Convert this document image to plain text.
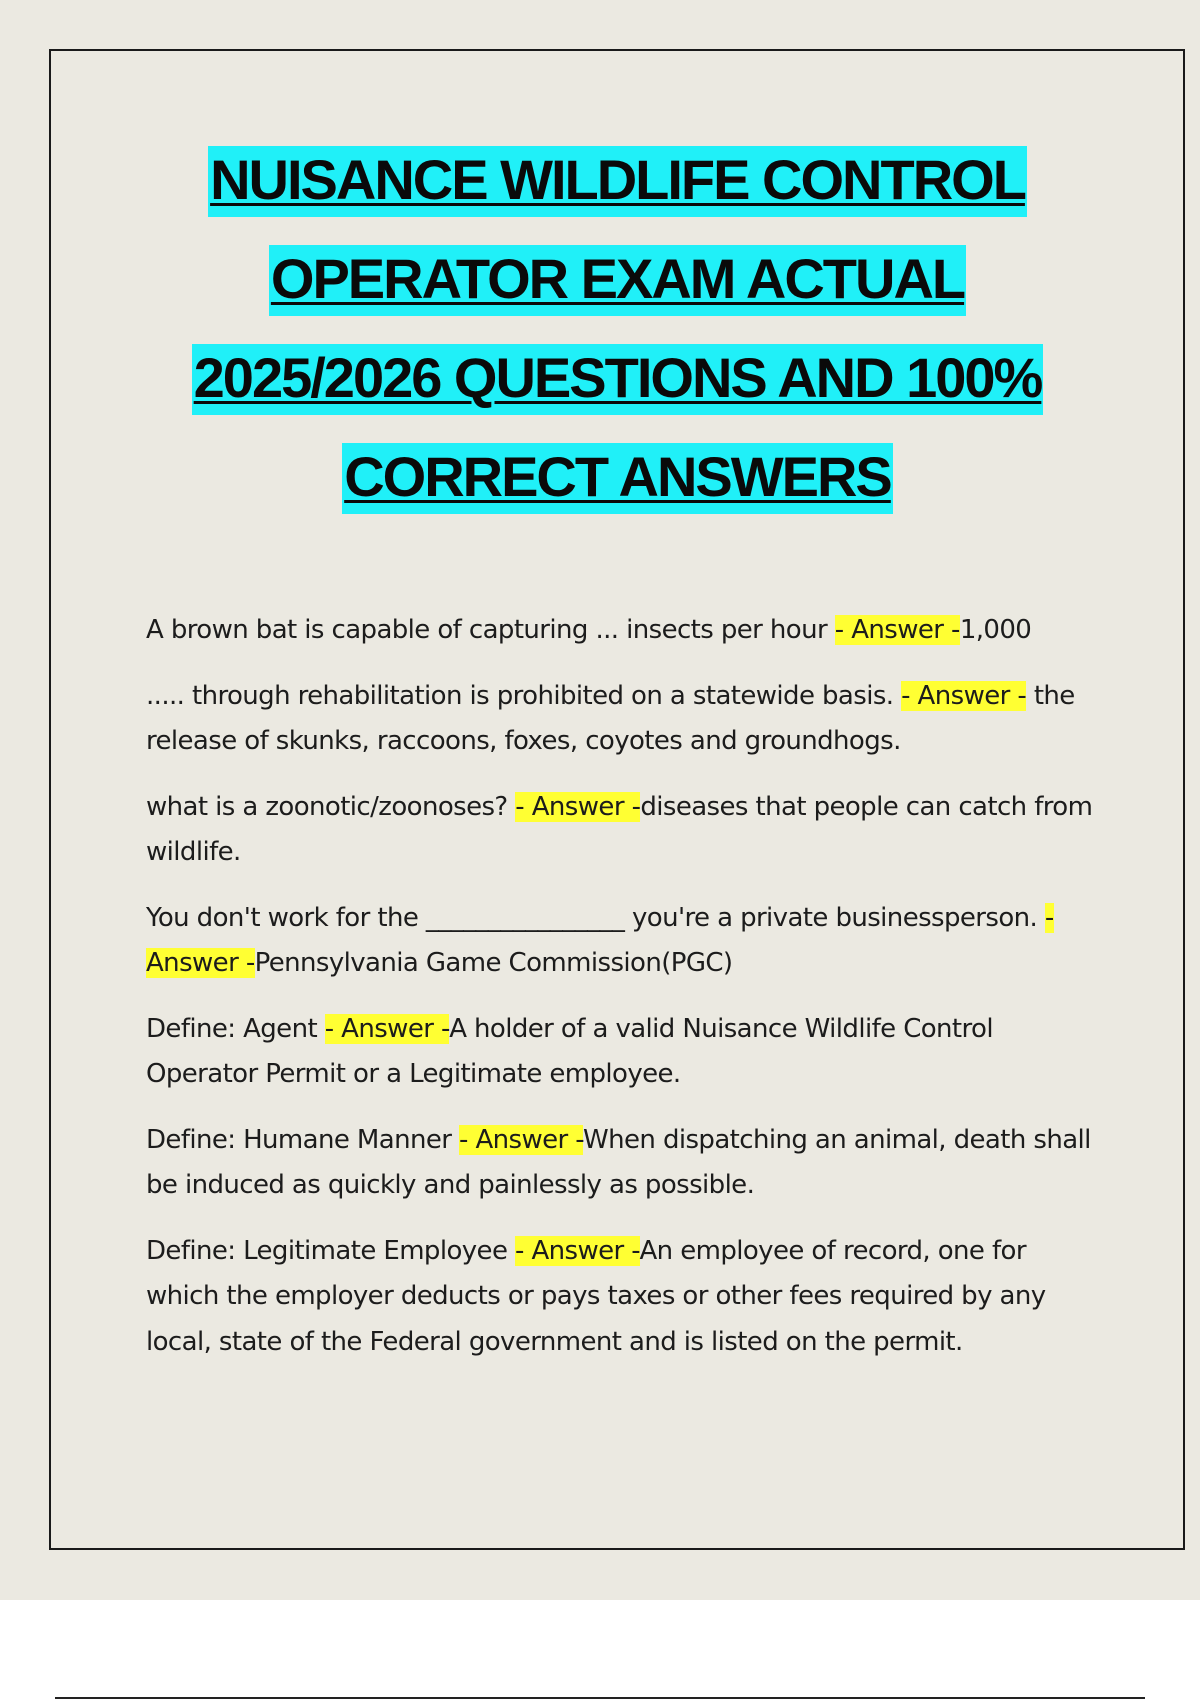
NUISANCE WILDLIFE CONTROL
OPERATOR EXAM ACTUAL
2025/2026 QUESTIONS AND 100%
CORRECT ANSWERS
A brown bat is capable of capturing ... insects per hour - Answer -1,000
..... through rehabilitation is prohibited on a statewide basis. - Answer - the release of skunks, raccoons, foxes, coyotes and groundhogs.
what is a zoonotic/zoonoses? - Answer -diseases that people can catch from wildlife.
You don't work for the ________________ you're a private businessperson. - Answer -Pennsylvania Game Commission(PGC)
Define: Agent - Answer -A holder of a valid Nuisance Wildlife Control Operator Permit or a Legitimate employee.
Define: Humane Manner - Answer -When dispatching an animal, death shall be induced as quickly and painlessly as possible.
Define: Legitimate Employee - Answer -An employee of record, one for which the employer deducts or pays taxes or other fees required by any local, state of the Federal government and is listed on the permit.
